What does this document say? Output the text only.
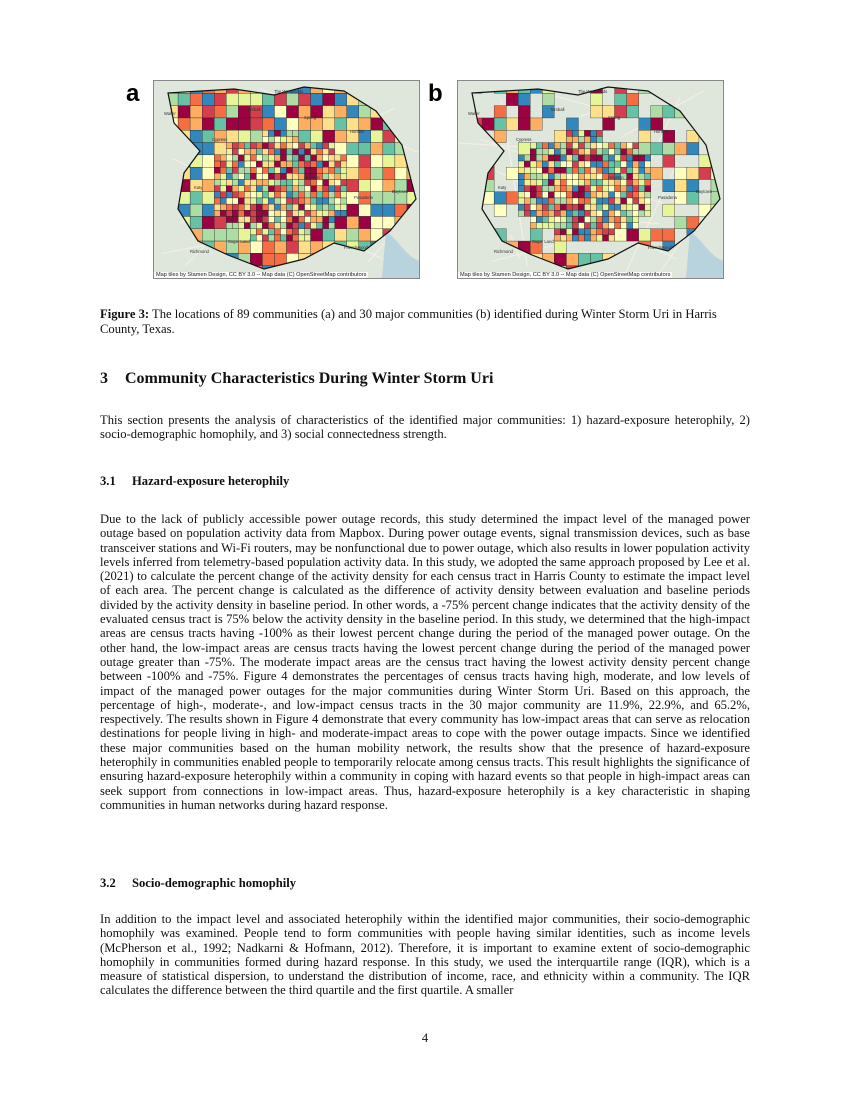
a	The Woodlands
Spring
Cypress
Humble
Houston
Pasadena
Baytown
Sugar Land
Richmond
Katy
Tomball
Waller
Friendswood
Map tiles by Stamen Design, CC BY 3.0 -- Map data (C) OpenStreetMap contributors
b	The Woodlands
Spring
Cypress
Humble
Houston
Pasadena
Baytown
Sugar Land
Richmond
Katy
Tomball
Waller
Friendswood
Map tiles by Stamen Design, CC BY 3.0 -- Map data (C) OpenStreetMap contributors
Figure 3: The locations of 89 communities (a) and 30 major communities (b) identified during Winter Storm Uri in Harris County, Texas.
3 Community Characteristics During Winter Storm Uri
This section presents the analysis of characteristics of the identified major communities: 1) hazard-exposure heterophily, 2) socio-demographic homophily, and 3) social connectedness strength.
3.1 Hazard-exposure heterophily
Due to the lack of publicly accessible power outage records, this study determined the impact level of the managed power outage based on population activity data from Mapbox. During power outage events, signal transmission devices, such as base transceiver stations and Wi-Fi routers, may be nonfunctional due to power outage, which also results in lower population activity levels inferred from telemetry-based population activity data. In this study, we adopted the same approach proposed by Lee et al. (2021) to calculate the percent change of the activity density for each census tract in Harris County to estimate the impact level of each area. The percent change is calculated as the difference of activity density between evaluation and baseline periods divided by the activity density in baseline period. In other words, a -75% percent change indicates that the activity density of the evaluated census tract is 75% below the activity density in the baseline period. In this study, we determined that the high-impact areas are census tracts having -100% as their lowest percent change during the period of the managed power outage. On the other hand, the low-impact areas are census tracts having the lowest percent change during the period of the managed power outage greater than -75%. The moderate impact areas are the census tract having the lowest activity density percent change between -100% and -75%. Figure 4 demonstrates the percentages of census tracts having high, moderate, and low levels of impact of the managed power outages for the major communities during Winter Storm Uri. Based on this approach, the percentage of high-, moderate-, and low-impact census tracts in the 30 major community are 11.9%, 22.9%, and 65.2%, respectively. The results shown in Figure 4 demonstrate that every community has low-impact areas that can serve as relocation destinations for people living in high- and moderate-impact areas to cope with the power outage impacts. Since we identified these major communities based on the human mobility network, the results show that the presence of hazard-exposure heterophily in communities enabled people to temporarily relocate among census tracts. This result highlights the significance of ensuring hazard-exposure heterophily within a community in coping with hazard events so that people in high-impact areas can seek support from connections in low-impact areas. Thus, hazard-exposure heterophily is a key characteristic in shaping communities in human networks during hazard response.
3.2 Socio-demographic homophily
In addition to the impact level and associated heterophily within the identified major communities, their socio-demographic homophily was examined. People tend to form communities with people having similar identities, such as income levels (McPherson et al., 1992; Nadkarni & Hofmann, 2012). Therefore, it is important to examine extent of socio-demographic homophily in communities formed during hazard response. In this study, we used the interquartile range (IQR), which is a measure of statistical dispersion, to understand the distribution of income, race, and ethnicity within a community. The IQR calculates the difference between the third quartile and the first quartile. A smaller
4
